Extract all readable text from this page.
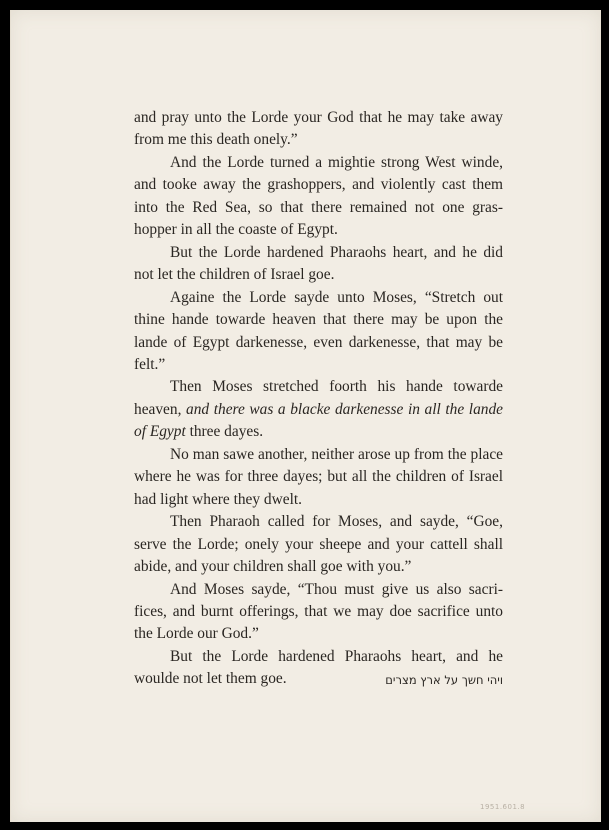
and pray unto the Lorde your God that he may take away from me this death onely.”

And the Lorde turned a mightie strong West winde, and tooke away the grashoppers, and violently cast them into the Red Sea, so that there remained not one gras-hopper in all the coaste of Egypt.

But the Lorde hardened Pharaohs heart, and he did not let the children of Israel goe.

Againe the Lorde sayde unto Moses, “Stretch out thine hande towarde heaven that there may be upon the lande of Egypt darkenesse, even darkenesse, that may be felt.”

Then Moses stretched foorth his hande towarde heaven, and there was a blacke darkenesse in all the lande of Egypt three dayes.

No man sawe another, neither arose up from the place where he was for three dayes; but all the children of Israel had light where they dwelt.

Then Pharaoh called for Moses, and sayde, “Goe, serve the Lorde; onely your sheepe and your cattell shall abide, and your children shall goe with you.”

And Moses sayde, “Thou must give us also sacri-fices, and burnt offerings, that we may doe sacrifice unto the Lorde our God.”

But the Lorde hardened Pharaohs heart, and he woulde not let them goe.	ויהי חשך על ארץ מצרים
1951.601.8
